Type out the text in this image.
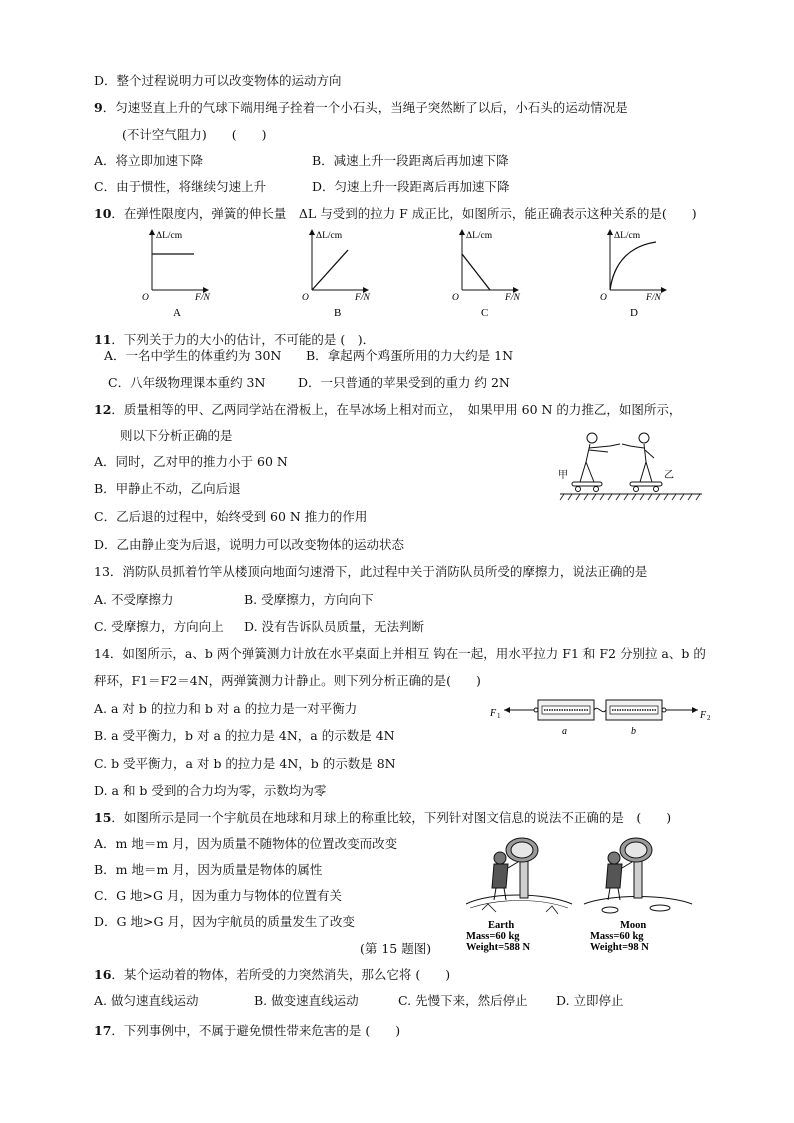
D．整个过程说明力可以改变物体的运动方向
9．匀速竖直上升的气球下端用绳子拴着一个小石头，当绳子突然断了以后，小石头的运动情况是
(不计空气阻力)　　(　　)
A．将立即加速下降	B．减速上升一段距离后再加速下降
C．由于惯性，将继续匀速上升	D．匀速上升一段距离后再加速下降
10．在弹性限度内，弹簧的伸长量　ΔL 与受到的拉力 F 成正比，如图所示，能正确表示这种关系的是(　　)
ΔL/cm
O	F/N
A
ΔL/cm
O	F/N
B
ΔL/cm
O	F/N
C
ΔL/cm
O	F/N
D
11．下列关于力的大小的估计，不可能的是 (　)．
A．一名中学生的体重约为 30N B．拿起两个鸡蛋所用的力大约是 1N
C．八年级物理课本重约 3N	D．一只普通的苹果受到的重力 约 2N
12．质量相等的甲、乙两同学站在滑板上，在旱冰场上相对而立，　如果甲用 60 N 的力推乙，如图所示，
则以下分析正确的是
A．同时，乙对甲的推力小于 60 N
B．甲静止不动，乙向后退
C．乙后退的过程中，始终受到 60 N 推力的作用
D．乙由静止变为后退，说明力可以改变物体的运动状态
甲	乙
13．消防队员抓着竹竿从楼顶向地面匀速滑下，此过程中关于消防队员所受的摩擦力，说法正确的是
A. 不受摩擦力	B. 受摩擦力，方向向下
C. 受摩擦力，方向向上 D. 没有告诉队员质量，无法判断
14．如图所示，a、b 两个弹簧测力计放在水平桌面上并相互 钩在一起，用水平拉力 F1 和 F2 分别拉 a、b 的
秤环，F1＝F2＝4N，两弹簧测力计静止。则下列分析正确的是(　　)
A. a 对 b 的拉力和 b 对 a 的拉力是一对平衡力
B. a 受平衡力，b 对 a 的拉力是 4N，a 的示数是 4N
C. b 受平衡力，a 对 b 的拉力是 4N，b 的示数是 8N
D. a 和 b 受到的合力均为零，示数均为零
F 1	F 2
a	b
15．如图所示是同一个宇航员在地球和月球上的称重比较，下列针对图文信息的说法不正确的是　(　　)
A．m 地＝m 月，因为质量不随物体的位置改变而改变
B．m 地＝m 月，因为质量是物体的属性
C．G 地>G 月，因为重力与物体的位置有关
D．G 地>G 月，因为宇航员的质量发生了改变
(第 15 题图)
Earth
Mass=60 kg
Weight=588 N
Moon
Mass=60 kg
Weight=98 N
16．某个运动着的物体，若所受的力突然消失，那么它将 (　　)
A. 做匀速直线运动	B. 做变速直线运动	C. 先慢下来，然后停止 D. 立即停止
17．下列事例中，不属于避免惯性带来危害的是 (　　)
